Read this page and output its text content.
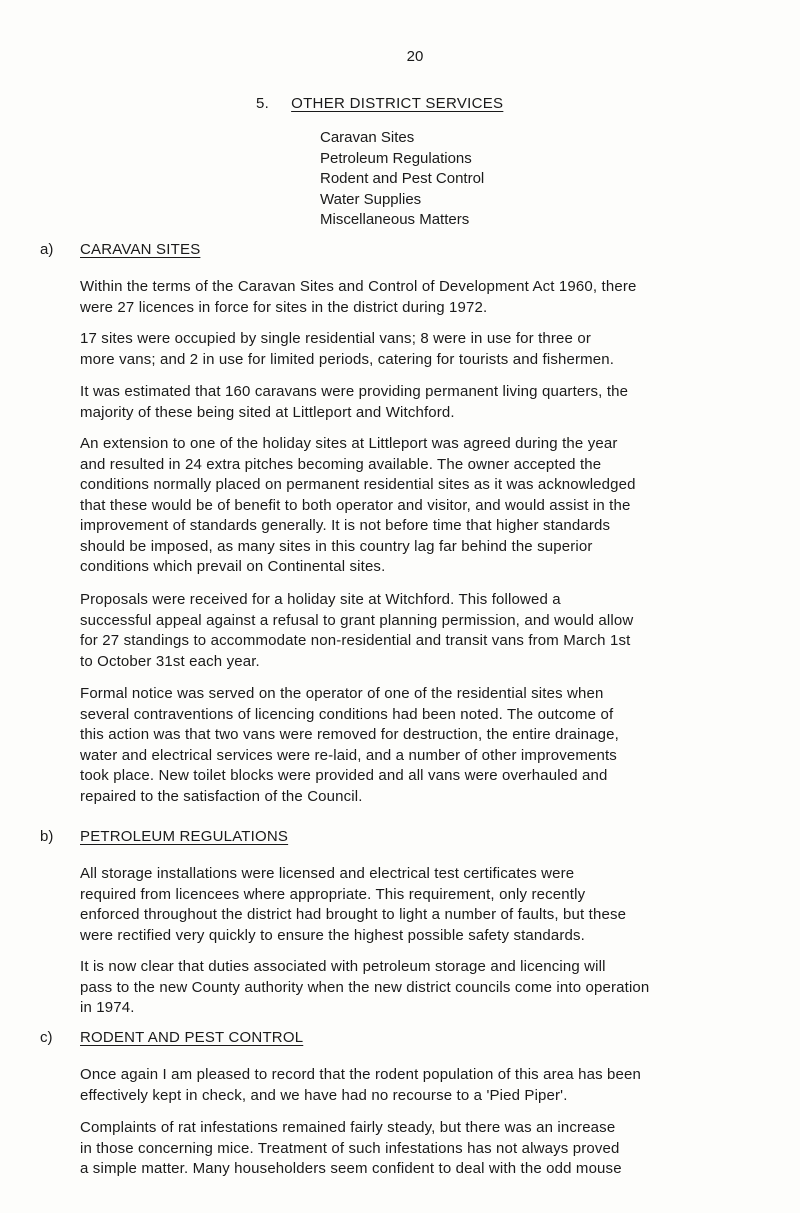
20
5. OTHER DISTRICT SERVICES
Caravan Sites
Petroleum Regulations
Rodent and Pest Control
Water Supplies
Miscellaneous Matters
a) CARAVAN SITES
Within the terms of the Caravan Sites and Control of Development Act 1960, there
were 27 licences in force for sites in the district during 1972.
17 sites were occupied by single residential vans; 8 were in use for three or
more vans; and 2 in use for limited periods, catering for tourists and fishermen.
It was estimated that 160 caravans were providing permanent living quarters, the
majority of these being sited at Littleport and Witchford.
An extension to one of the holiday sites at Littleport was agreed during the year
and resulted in 24 extra pitches becoming available. The owner accepted the
conditions normally placed on permanent residential sites as it was acknowledged
that these would be of benefit to both operator and visitor, and would assist in the
improvement of standards generally. It is not before time that higher standards
should be imposed, as many sites in this country lag far behind the superior
conditions which prevail on Continental sites.
Proposals were received for a holiday site at Witchford. This followed a
successful appeal against a refusal to grant planning permission, and would allow
for 27 standings to accommodate non-residential and transit vans from March 1st
to October 31st each year.
Formal notice was served on the operator of one of the residential sites when
several contraventions of licencing conditions had been noted. The outcome of
this action was that two vans were removed for destruction, the entire drainage,
water and electrical services were re-laid, and a number of other improvements
took place. New toilet blocks were provided and all vans were overhauled and
repaired to the satisfaction of the Council.
b) PETROLEUM REGULATIONS
All storage installations were licensed and electrical test certificates were
required from licencees where appropriate. This requirement, only recently
enforced throughout the district had brought to light a number of faults, but these
were rectified very quickly to ensure the highest possible safety standards.
It is now clear that duties associated with petroleum storage and licencing will
pass to the new County authority when the new district councils come into operation
in 1974.
c) RODENT AND PEST CONTROL
Once again I am pleased to record that the rodent population of this area has been
effectively kept in check, and we have had no recourse to a 'Pied Piper'.
Complaints of rat infestations remained fairly steady, but there was an increase
in those concerning mice. Treatment of such infestations has not always proved
a simple matter. Many householders seem confident to deal with the odd mouse
